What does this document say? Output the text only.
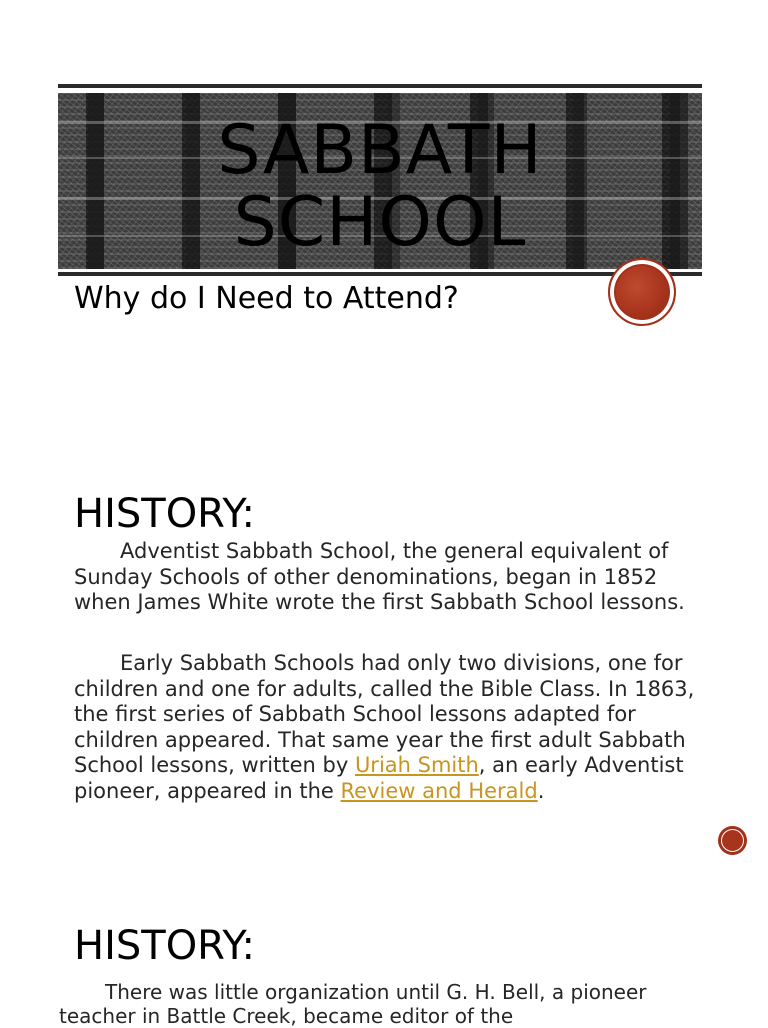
SABBATH
SCHOOL
Why do I Need to Attend?
HISTORY:

Adventist Sabbath School, the general equivalent of Sunday Schools of other denominations, began in 1852 when James White wrote the first Sabbath School lessons.

Early Sabbath Schools had only two divisions, one for children and one for adults, called the Bible Class. In 1863, the first series of Sabbath School lessons adapted for children appeared. That same year the first adult Sabbath School lessons, written by Uriah Smith, an early Adventist pioneer, appeared in the Review and Herald.

HISTORY:

There was little organization until G. H. Bell, a pioneer teacher in Battle Creek, became editor of the
